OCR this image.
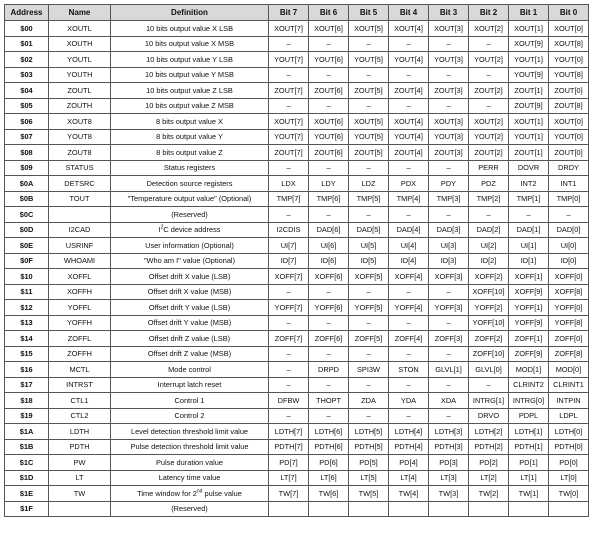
Address	Name	Definition	Bit 7	Bit 6	Bit 5	Bit 4	Bit 3	Bit 2	Bit 1	Bit 0
$00	XOUTL	10 bits output value X LSB	XOUT[7]	XOUT[6]	XOUT[5]	XOUT[4]	XOUT[3]	XOUT[2]	XOUT[1]	XOUT[0]
$01	XOUTH	10 bits output value X MSB	–	–	–	–	–	–	XOUT[9]	XOUT[8]
$02	YOUTL	10 bits output value Y LSB	YOUT[7]	YOUT[6]	YOUT[5]	YOUT[4]	YOUT[3]	YOUT[2]	YOUT[1]	YOUT[0]
$03	YOUTH	10 bits output value Y MSB	–	–	–	–	–	–	YOUT[9]	YOUT[8]
$04	ZOUTL	10 bits output value Z LSB	ZOUT[7]	ZOUT[6]	ZOUT[5]	ZOUT[4]	ZOUT[3]	ZOUT[2]	ZOUT[1]	ZOUT[0]
$05	ZOUTH	10 bits output value Z MSB	–	–	–	–	–	–	ZOUT[9]	ZOUT[8]
$06	XOUT8	8 bits output value X	XOUT[7]	XOUT[6]	XOUT[5]	XOUT[4]	XOUT[3]	XOUT[2]	XOUT[1]	XOUT[0]
$07	YOUT8	8 bits output value Y	YOUT[7]	YOUT[6]	YOUT[5]	YOUT[4]	YOUT[3]	YOUT[2]	YOUT[1]	YOUT[0]
$08	ZOUT8	8 bits output value Z	ZOUT[7]	ZOUT[6]	ZOUT[5]	ZOUT[4]	ZOUT[3]	ZOUT[2]	ZOUT[1]	ZOUT[0]
$09	STATUS	Status registers	–	–	–	–	–	PERR	DOVR	DRDY
$0A	DETSRC	Detection source registers	LDX	LDY	LDZ	PDX	PDY	PDZ	INT2	INT1
$0B	TOUT	"Temperature output value" (Optional)	TMP[7]	TMP[6]	TMP[5]	TMP[4]	TMP[3]	TMP[2]	TMP[1]	TMP[0]
$0C		(Reserved)	–	–	–	–	–	–	–	–
$0D	I2CAD	$I^2C$ device address	I2CDIS	DAD[6]	DAD[5]	DAD[4]	DAD[3]	DAD[2]	DAD[1]	DAD[0]
$0E	USRINF	User information (Optional)	UI[7]	UI[6]	UI[5]	UI[4]	UI[3]	UI[2]	UI[1]	UI[0]
$0F	WHOAMI	"Who am I" value (Optional)	ID[7]	ID[6]	ID[5]	ID[4]	ID[3]	ID[2]	ID[1]	ID[0]
$10	XOFFL	Offset drift X value (LSB)	XOFF[7]	XOFF[6]	XOFF[5]	XOFF[4]	XOFF[3]	XOFF[2]	XOFF[1]	XOFF[0]
$11	XOFFH	Offset drift X value (MSB)	–	–	–	–	–	XOFF[10]	XOFF[9]	XOFF[8]
$12	YOFFL	Offset drift Y value (LSB)	YOFF[7]	YOFF[6]	YOFF[5]	YOFF[4]	YOFF[3]	YOFF[2]	YOFF[1]	YOFF[0]
$13	YOFFH	Offset drift Y value (MSB)	–	–	–	–	–	YOFF[10]	YOFF[9]	YOFF[8]
$14	ZOFFL	Offset drift Z value (LSB)	ZOFF[7]	ZOFF[6]	ZOFF[5]	ZOFF[4]	ZOFF[3]	ZOFF[2]	ZOFF[1]	ZOFF[0]
$15	ZOFFH	Offset drift Z value (MSB)	–	–	–	–	–	ZOFF[10]	ZOFF[9]	ZOFF[8]
$16	MCTL	Mode control	–	DRPD	SPI3W	STON	GLVL[1]	GLVL[0]	MOD[1]	MOD[0]
$17	INTRST	Interrupt latch reset	–	–	–	–	–	–	CLRINT2	CLRINT1
$18	CTL1	Control 1	DFBW	THOPT	ZDA	YDA	XDA	INTRG[1]	INTRG[0]	INTPIN
$19	CTL2	Control 2	–	–	–	–	–	DRVO	PDPL	LDPL
$1A	LDTH	Level detection threshold limit value	LDTH[7]	LDTH[6]	LDTH[5]	LDTH[4]	LDTH[3]	LDTH[2]	LDTH[1]	LDTH[0]
$1B	PDTH	Pulse detection threshold limit value	PDTH[7]	PDTH[6]	PDTH[5]	PDTH[4]	PDTH[3]	PDTH[2]	PDTH[1]	PDTH[0]
$1C	PW	Pulse duration value	PD[7]	PD[6]	PD[5]	PD[4]	PD[3]	PD[2]	PD[1]	PD[0]
$1D	LT	Latency time value	LT[7]	LT[6]	LT[5]	LT[4]	LT[3]	LT[2]	LT[1]	LT[0]
$1E	TW	Time window for 2nd pulse value	TW[7]	TW[6]	TW[5]	TW[4]	TW[3]	TW[2]	TW[1]	TW[0]
$1F		(Reserved)								
